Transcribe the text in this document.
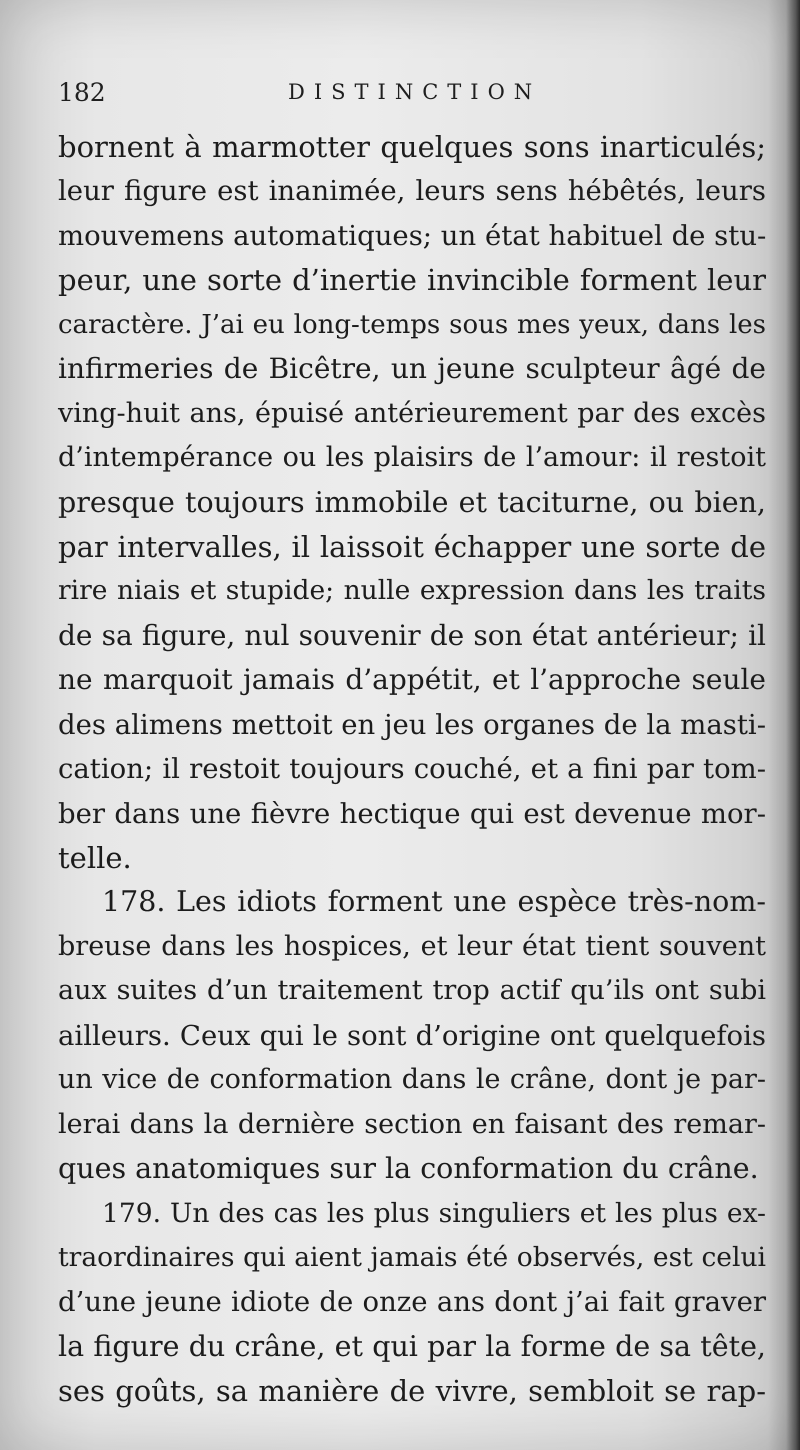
182	DISTINCTION
bornent à marmotter quelques sons inarticulés;
leur figure est inanimée, leurs sens hébêtés, leurs
mouvemens automatiques; un état habituel de stu-
peur, une sorte d’inertie invincible forment leur
caractère. J’ai eu long-temps sous mes yeux, dans les
infirmeries de Bicêtre, un jeune sculpteur âgé de
ving-huit ans, épuisé antérieurement par des excès
d’intempérance ou les plaisirs de l’amour: il restoit
presque toujours immobile et taciturne, ou bien,
par intervalles, il laissoit échapper une sorte de
rire niais et stupide; nulle expression dans les traits
de sa figure, nul souvenir de son état antérieur; il
ne marquoit jamais d’appétit, et l’approche seule
des alimens mettoit en jeu les organes de la masti-
cation; il restoit toujours couché, et a fini par tom-
ber dans une fièvre hectique qui est devenue mor-
telle.
178. Les idiots forment une espèce très-nom-
breuse dans les hospices, et leur état tient souvent
aux suites d’un traitement trop actif qu’ils ont subi
ailleurs. Ceux qui le sont d’origine ont quelquefois
un vice de conformation dans le crâne, dont je par-
lerai dans la dernière section en faisant des remar-
ques anatomiques sur la conformation du crâne.
179. Un des cas les plus singuliers et les plus ex-
traordinaires qui aient jamais été observés, est celui
d’une jeune idiote de onze ans dont j’ai fait graver
la figure du crâne, et qui par la forme de sa tête,
ses goûts, sa manière de vivre, sembloit se rap-
